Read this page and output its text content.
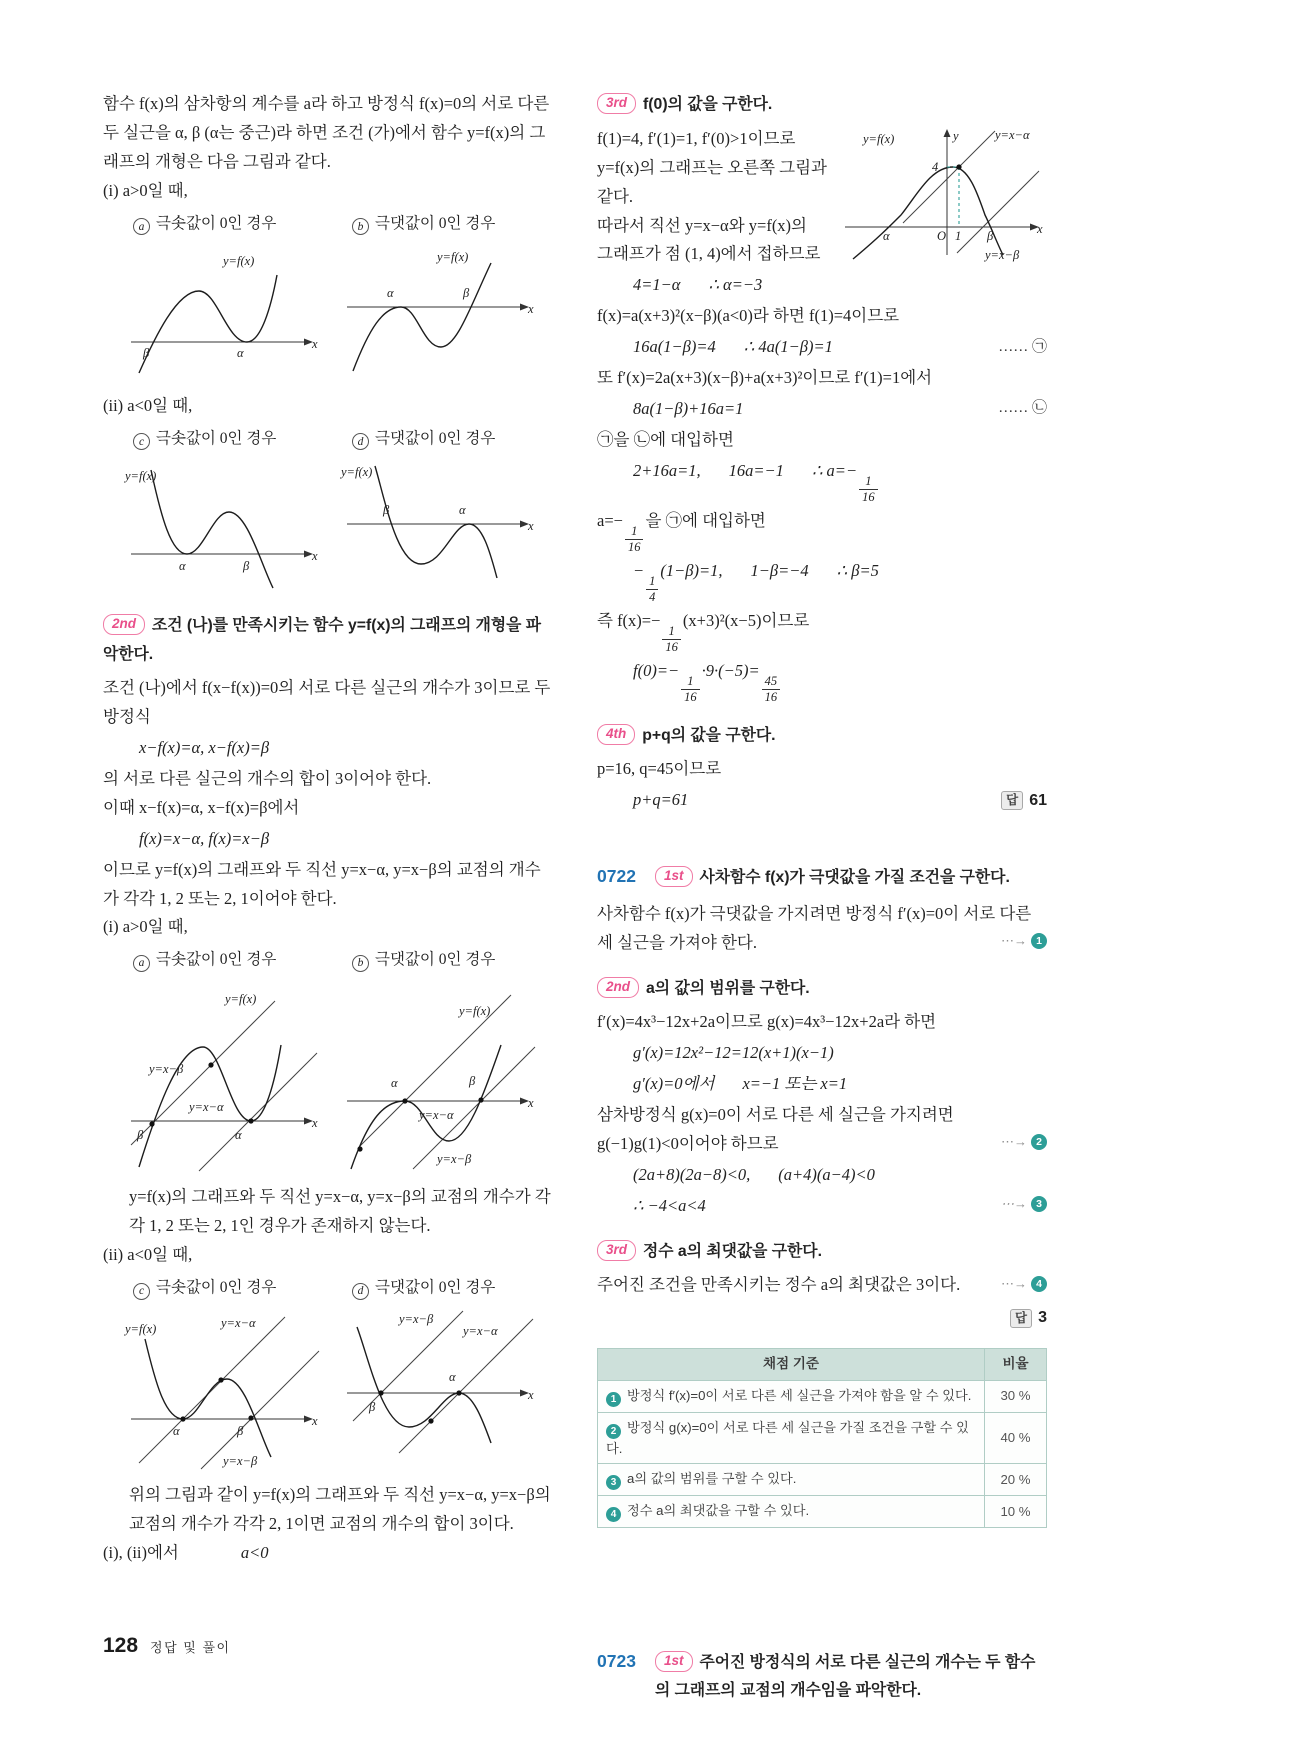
함수 f(x)의 삼차항의 계수를 a라 하고 방정식 f(x)=0의 서로 다른 두 실근을 α, β (α는 중근)라 하면 조건 (가)에서 함수 y=f(x)의 그래프의 개형은 다음 그림과 같다.

(i) a>0일 때,

a 극솟값이 0인 경우	b 극댓값이 0인 경우
y=f(x)
β	α
x
y=f(x)
α	β
x

(ii) a<0일 때,

c 극솟값이 0인 경우	d 극댓값이 0인 경우
y=f(x)
α	β
x
y=f(x)
β	α
x

2nd 조건 (나)를 만족시키는 함수 y=f(x)의 그래프의 개형을 파악한다.

조건 (나)에서 f(x−f(x))=0의 서로 다른 실근의 개수가 3이므로 두 방정식

x−f(x)=α, x−f(x)=β

의 서로 다른 실근의 개수의 합이 3이어야 한다.

이때 x−f(x)=α, x−f(x)=β에서

f(x)=x−α, f(x)=x−β

이므로 y=f(x)의 그래프와 두 직선 y=x−α, y=x−β의 교점의 개수가 각각 1, 2 또는 2, 1이어야 한다.

(i) a>0일 때,

a 극솟값이 0인 경우	b 극댓값이 0인 경우
y=f(x)
y=x−β
y=x−α
β	α
x
α
y=f(x)
β
y=x−α
y=x−β
x

y=f(x)의 그래프와 두 직선 y=x−α, y=x−β의 교점의 개수가 각각 1, 2 또는 2, 1인 경우가 존재하지 않는다.

(ii) a<0일 때,

c 극솟값이 0인 경우	d 극댓값이 0인 경우
y=f(x)	y=x−α
α	β
y=x−β
x
y=x−β
y=x−α
α
β
x

위의 그림과 같이 y=f(x)의 그래프와 두 직선 y=x−α, y=x−β의 교점의 개수가 각각 2, 1이면 교점의 개수의 합이 3이다.

(i), (ii)에서	a<0

3rd f(0)의 값을 구한다.

y=f(x)	y	y=x−α
4
α	O 1 β	x
y=x−β

f(1)=4, f′(1)=1, f′(0)>1이므로 y=f(x)의 그래프는 오른쪽 그림과 같다.

따라서 직선 y=x−α와 y=f(x)의 그래프가 점 (1, 4)에서 접하므로

4=1−α ∴ α=−3

f(x)=a(x+3)²(x−β)(a<0)라 하면 f(1)=4이므로

16a(1−β)=4 ∴ 4a(1−β)=1	…… ㉠

또 f′(x)=2a(x+3)(x−β)+a(x+3)²이므로 f′(1)=1에서

8a(1−β)+16a=1	…… ㉡

㉠을 ㉡에 대입하면

2+16a=1, 16a=−1 ∴ a=−
$\frac{1}{16}$

a=−
$\frac{1}{16}$
을 ㉠에 대입하면

−
$\frac{1}{4}$
(1−β)=1, 1−β=−4 ∴ β=5

즉 f(x)=−
$\frac{1}{16}$
(x+3)²(x−5)이므로

f(0)=−
$\frac{1}{16}$
·9·(−5)=
$\frac{45}{16}$

4th p+q의 값을 구한다.

p=16, q=45이므로

p+q=61	답 61
0722	1st 사차함수 f(x)가 극댓값을 가질 조건을 구한다.

사차함수 f(x)가 극댓값을 가지려면 방정식 f′(x)=0이 서로 다른 세 실근을 가져야 한다.	⋯→ 1

2nd a의 값의 범위를 구한다.

f′(x)=4x³−12x+2a이므로 g(x)=4x³−12x+2a라 하면

g′(x)=12x²−12=12(x+1)(x−1)

g′(x)=0에서 x=−1 또는 x=1

삼차방정식 g(x)=0이 서로 다른 세 실근을 가지려면

g(−1)g(1)<0이어야 하므로	⋯→ 2

(2a+8)(2a−8)<0, (a+4)(a−4)<0

∴ −4<a<4	⋯→ 3

3rd 정수 a의 최댓값을 구한다.

주어진 조건을 만족시키는 정수 a의 최댓값은 3이다.	⋯→ 4

답 3
채점 기준	비율
1 방정식 f′(x)=0이 서로 다른 세 실근을 가져야 함을 알 수 있다.	30 %
2 방정식 g(x)=0이 서로 다른 세 실근을 가질 조건을 구할 수 있다.	40 %
3 a의 값의 범위를 구할 수 있다.	20 %
4 정수 a의 최댓값을 구할 수 있다.	10 %
0723	1st 주어진 방정식의 서로 다른 실근의 개수는 두 함수의 그래프의 교점의 개수임을 파악한다.
128 정답 및 풀이
